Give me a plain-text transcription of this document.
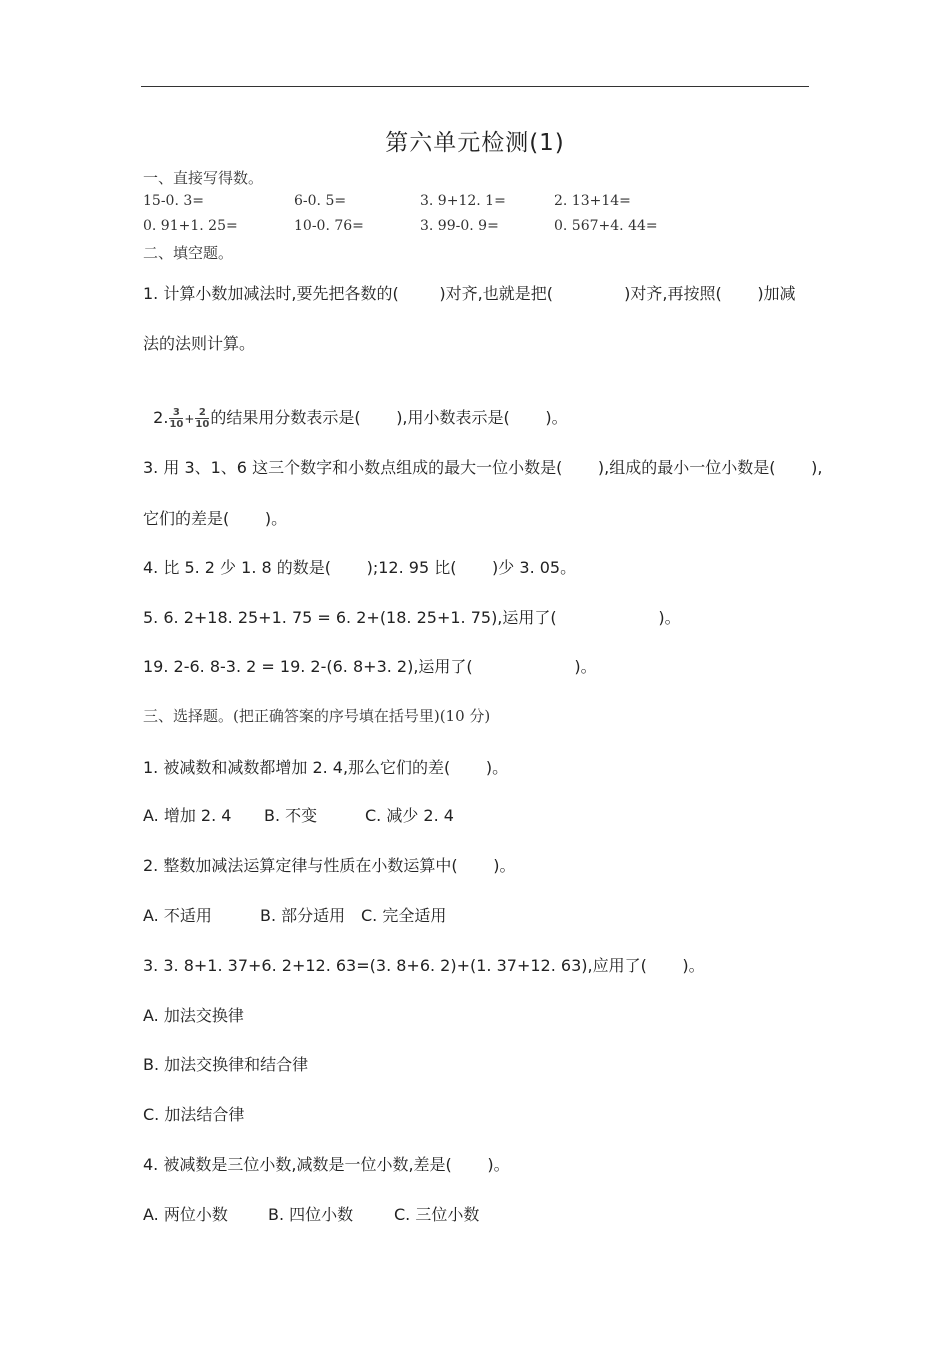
第六单元检测(1)
一、直接写得数。
15-0. 3=	6-0. 5=	3. 9+12. 1=	2. 13+14=
0. 91+1. 25=	10-0. 76=	3. 99-0. 9=	0. 567+4. 44=
二、填空题。
1. 计算小数加减法时,要先把各数的(        )对齐,也就是把(              )对齐,再按照(       )加减
法的法则计算。

2. $\frac{3}{10} + \frac{2}{10}$ 的结果用分数表示是(       ),用小数表示是(       )。

3. 用 3、1、6 这三个数字和小数点组成的最大一位小数是(       ),组成的最小一位小数是(       ),
它们的差是(       )。
4. 比 5. 2 少 1. 8 的数是(       );12. 95 比(       )少 3. 05。
5. 6. 2+18. 25+1. 75 = 6. 2+(18. 25+1. 75),运用了(                    )。
19. 2-6. 8-3. 2 = 19. 2-(6. 8+3. 2),运用了(                    )。
三、选择题。(把正确答案的序号填在括号里)(10 分)
1. 被减数和减数都增加 2. 4,那么它们的差(       )。
A. 增加 2. 4 B. 不变	C. 减少 2. 4
2. 整数加减法运算定律与性质在小数运算中(       )。
A. 不适用	B. 部分适用 C. 完全适用
3. 3. 8+1. 37+6. 2+12. 63=(3. 8+6. 2)+(1. 37+12. 63),应用了(       )。
A. 加法交换律
B. 加法交换律和结合律
C. 加法结合律
4. 被减数是三位小数,减数是一位小数,差是(       )。
A. 两位小数	B. 四位小数	C. 三位小数
